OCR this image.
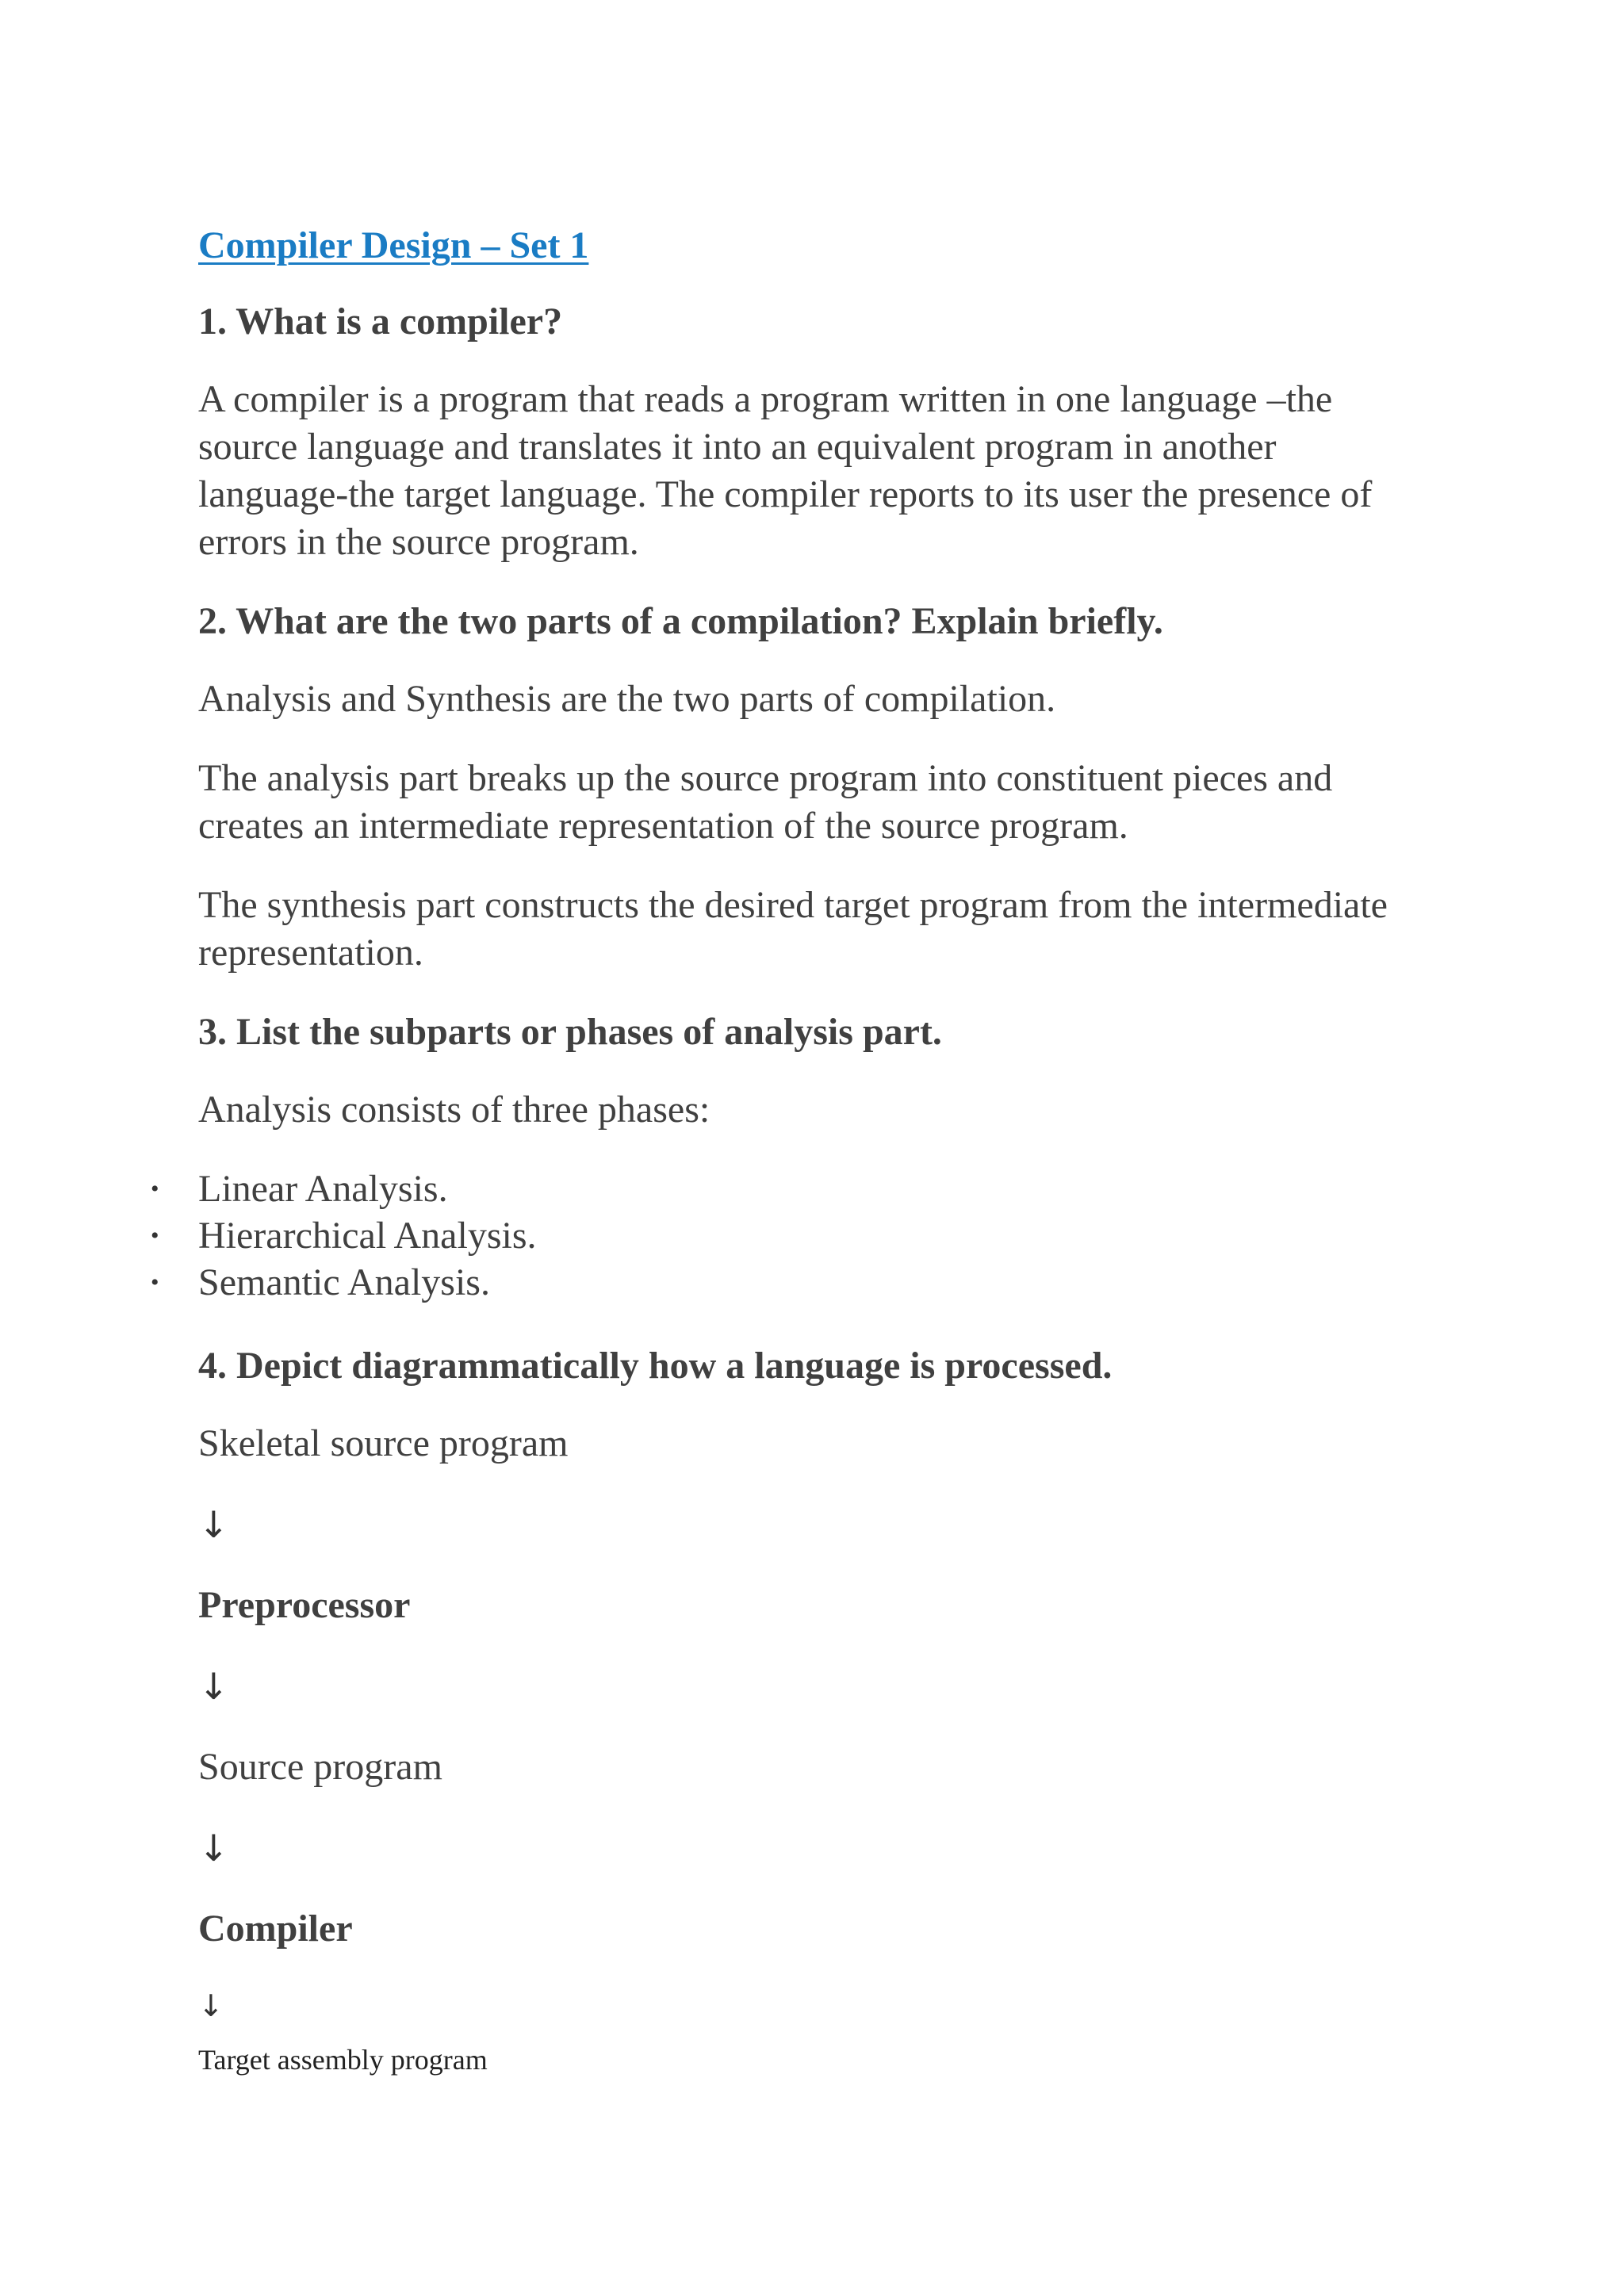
Compiler Design – Set 1
1. What is a compiler?
A compiler is a program that reads a program written in one language –the source language and translates it into an equivalent program in another language-the target language. The compiler reports to its user the presence of errors in the source program.
2. What are the two parts of a compilation? Explain briefly.
Analysis and Synthesis are the two parts of compilation.
The analysis part breaks up the source program into constituent pieces and creates an intermediate representation of the source program.
The synthesis part constructs the desired target program from the intermediate representation.
3. List the subparts or phases of analysis part.
Analysis consists of three phases:
• Linear Analysis.
• Hierarchical Analysis.
• Semantic Analysis.
4. Depict diagrammatically how a language is processed.
Skeletal source program
↓
Preprocessor
↓
Source program
↓
Compiler
↓
Target assembly program
